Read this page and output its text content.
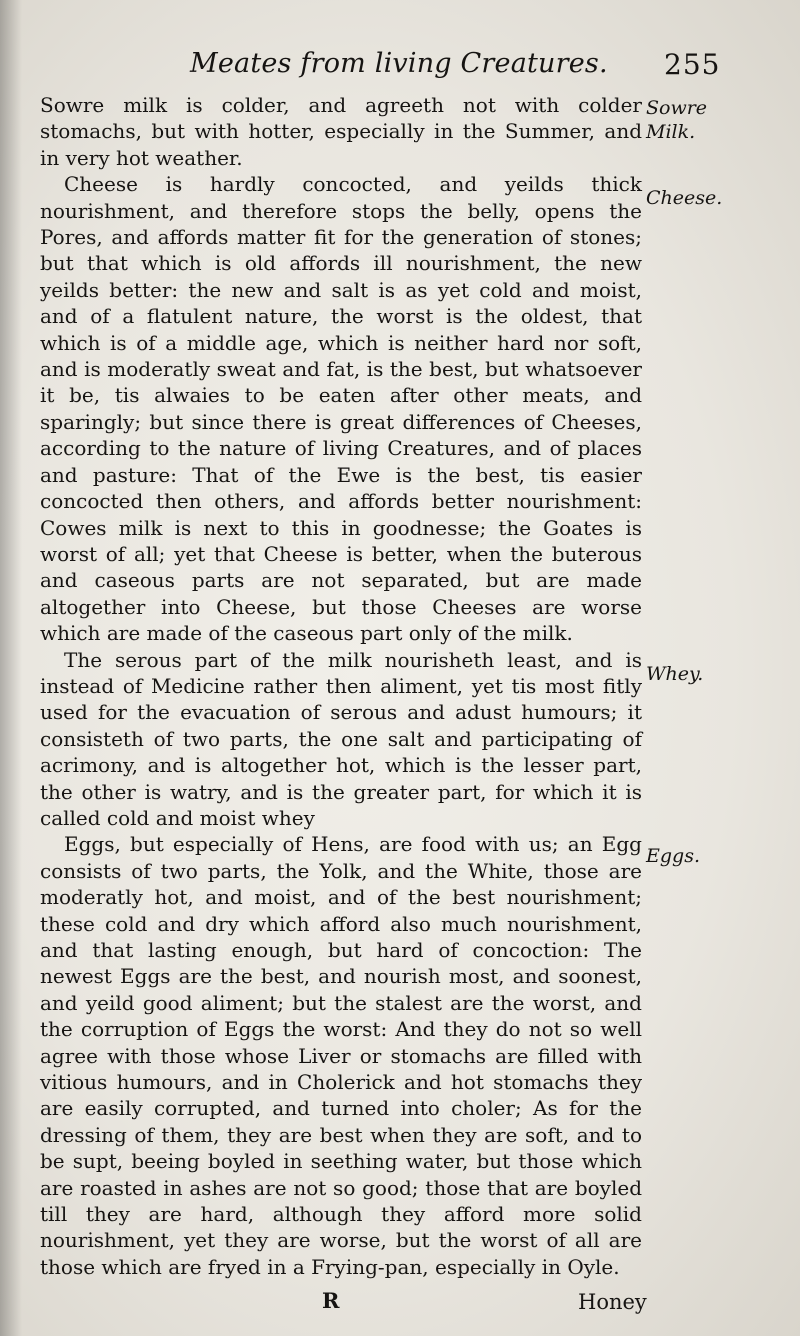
Meates from living Creatures. 255

Sowre milk is colder, and agreeth not with colder stomachs, but with hotter, especially in the Summer, and in very hot weather.

Cheese is hardly concocted, and yeilds thick nourishment, and therefore stops the belly, opens the Pores, and affords matter fit for the generation of stones; but that which is old affords ill nourishment, the new yeilds better: the new and salt is as yet cold and moist, and of a flatulent nature, the worst is the oldest, that which is of a middle age, which is neither hard nor soft, and is moderatly sweat and fat, is the best, but whatsoever it be, tis alwaies to be eaten after other meats, and sparingly; but since there is great differences of Cheeses, according to the nature of living Creatures, and of places and pasture: That of the Ewe is the best, tis easier concocted then others, and affords better nourishment: Cowes milk is next to this in goodnesse; the Goates is worst of all; yet that Cheese is better, when the buterous and caseous parts are not separated, but are made altogether into Cheese, but those Cheeses are worse which are made of the caseous part only of the milk.

The serous part of the milk nourisheth least, and is instead of Medicine rather then aliment, yet tis most fitly used for the evacuation of serous and adust humours; it consisteth of two parts, the one salt and participating of acrimony, and is altogether hot, which is the lesser part, the other is watry, and is the greater part, for which it is called cold and moist whey

Eggs, but especially of Hens, are food with us; an Egg consists of two parts, the Yolk, and the White, those are moderatly hot, and moist, and of the best nourishment; these cold and dry which afford also much nourishment, and that lasting enough, but hard of concoction: The newest Eggs are the best, and nourish most, and soonest, and yeild good aliment; but the stalest are the worst, and the corruption of Eggs the worst: And they do not so well agree with those whose Liver or stomachs are filled with vitious humours, and in Cholerick and hot stomachs they are easily corrupted, and turned into choler; As for the dressing of them, they are best when they are soft, and to be supt, beeing boyled in seething water, but those which are roasted in ashes are not so good; those that are boyled till they are hard, although they afford more solid nourishment, yet they are worse, but the worst of all are those which are fryed in a Frying-pan, especially in Oyle.

Sowre
Milk.
Cheese.
Whey.
Eggs.
R	Honey
